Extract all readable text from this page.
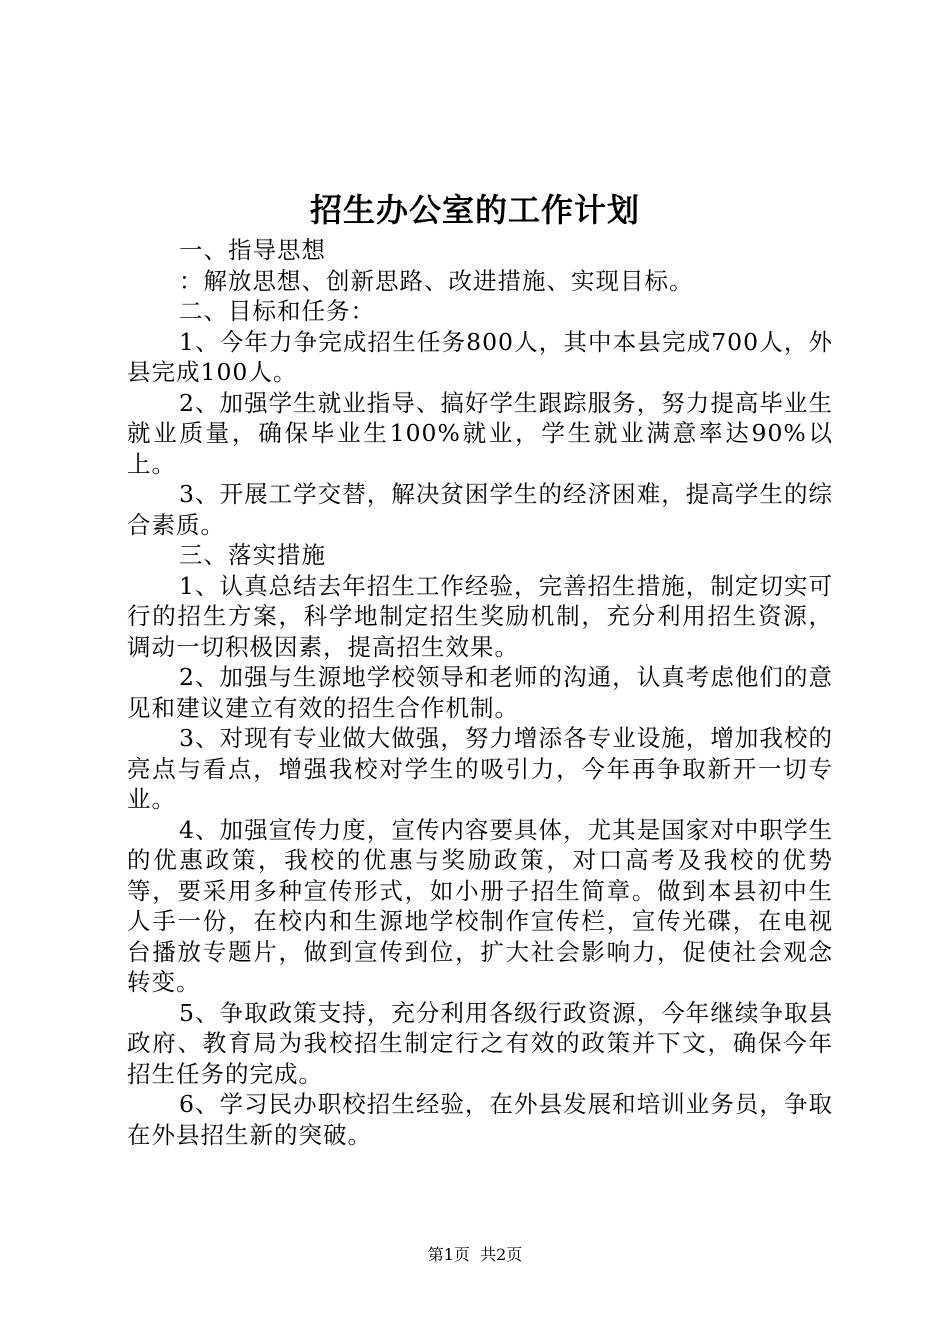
招生办公室的工作计划

一、指导思想

：解放思想、创新思路、改进措施、实现目标。

二、目标和任务：

1、今年力争完成招生任务800人，其中本县完成700人，外县完成100人。

2、加强学生就业指导、搞好学生跟踪服务，努力提高毕业生就业质量，确保毕业生100%就业，学生就业满意率达90%以上。

3、开展工学交替，解决贫困学生的经济困难，提高学生的综合素质。

三、落实措施

1、认真总结去年招生工作经验，完善招生措施，制定切实可行的招生方案，科学地制定招生奖励机制，充分利用招生资源，调动一切积极因素，提高招生效果。

2、加强与生源地学校领导和老师的沟通，认真考虑他们的意见和建议建立有效的招生合作机制。

3、对现有专业做大做强，努力增添各专业设施，增加我校的亮点与看点，增强我校对学生的吸引力，今年再争取新开一切专业。

4、加强宣传力度，宣传内容要具体，尤其是国家对中职学生的优惠政策，我校的优惠与奖励政策，对口高考及我校的优势等，要采用多种宣传形式，如小册子招生简章。做到本县初中生人手一份，在校内和生源地学校制作宣传栏，宣传光碟，在电视台播放专题片，做到宣传到位，扩大社会影响力，促使社会观念转变。

5、争取政策支持，充分利用各级行政资源，今年继续争取县政府、教育局为我校招生制定行之有效的政策并下文，确保今年招生任务的完成。

6、学习民办职校招生经验，在外县发展和培训业务员，争取在外县招生新的突破。

第1页  共2页
